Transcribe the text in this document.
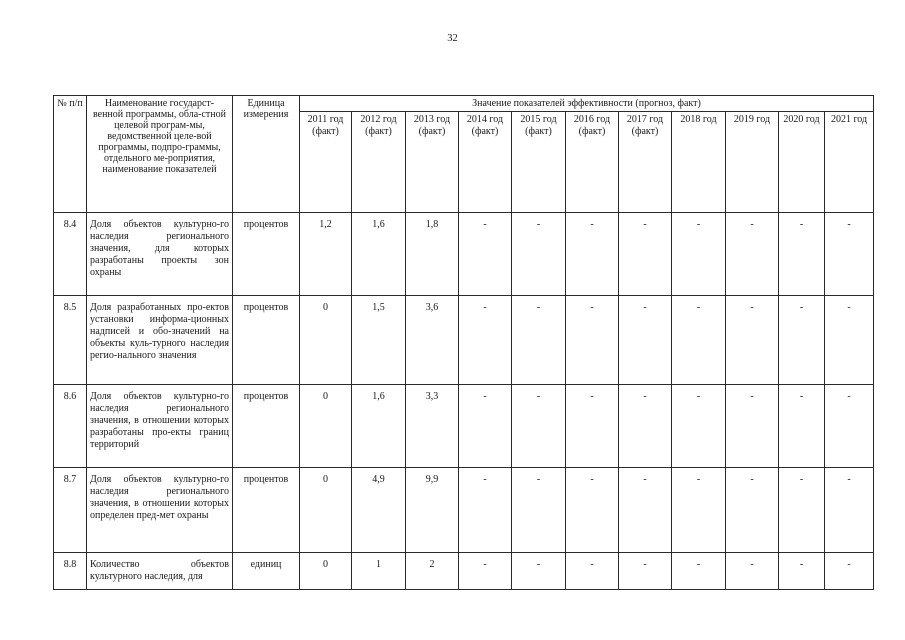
32
№ п/п	Наименование государст-венной программы, обла-стной целевой програм-мы, ведомственной целе-вой программы, подпро-граммы, отдельного ме-роприятия, наименование показателей	Единица измерения	Значение показателей эффективности (прогноз, факт)										
			2011 год (факт)	2012 год (факт)	2013 год (факт)	2014 год (факт)	2015 год (факт)	2016 год (факт)	2017 год (факт)	2018 год	2019 год	2020 год	2021 год
8.4	Доля объектов культурно-го наследия регионального значения, для которых разработаны проекты зон охраны	процентов	1,2	1,6	1,8	-	-	-	-	-	-	-	-
8.5	Доля разработанных про-ектов установки информа-ционных надписей и обо-значений на объекты куль-турного наследия регио-нального значения	процентов	0	1,5	3,6	-	-	-	-	-	-	-	-
8.6	Доля объектов культурно-го наследия регионального значения, в отношении которых разработаны про-екты границ территорий	процентов	0	1,6	3,3	-	-	-	-	-	-	-	-
8.7	Доля объектов культурно-го наследия регионального значения, в отношении которых определен пред-мет охраны	процентов	0	4,9	9,9	-	-	-	-	-	-	-	-
8.8	Количество объектов культурного наследия, для	единиц	0	1	2	-	-	-	-	-	-	-	-
